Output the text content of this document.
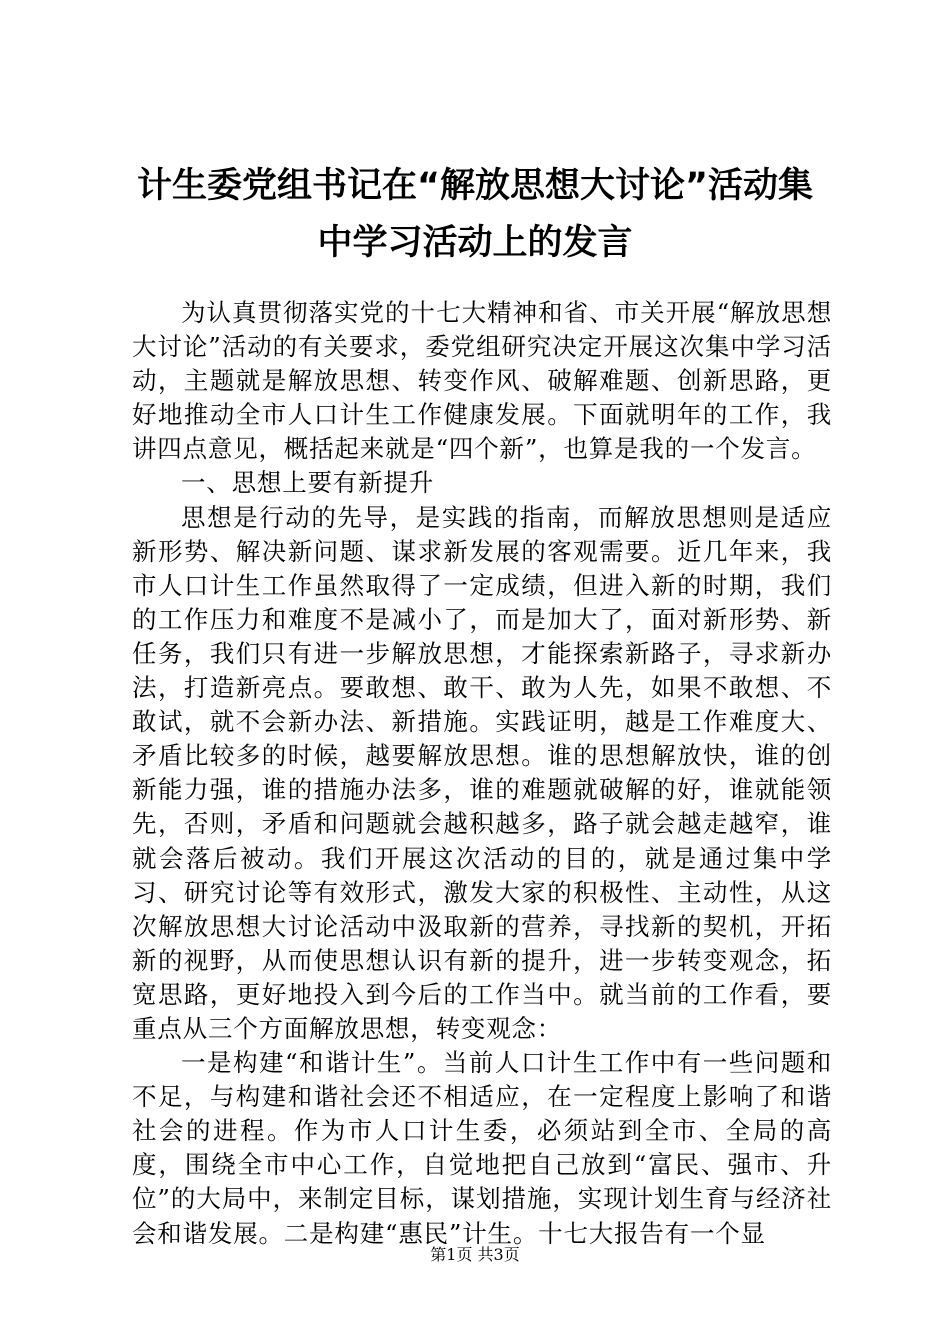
计生委党组书记在“解放思想大讨论”活动集
中学习活动上的发言

为认真贯彻落实党的十七大精神和省、市关开展“解放思想大讨论”活动的有关要求，委党组研究决定开展这次集中学习活动，主题就是解放思想、转变作风、破解难题、创新思路，更好地推动全市人口计生工作健康发展。下面就明年的工作，我讲四点意见，概括起来就是“四个新”，也算是我的一个发言。

一、思想上要有新提升

思想是行动的先导，是实践的指南，而解放思想则是适应新形势、解决新问题、谋求新发展的客观需要。近几年来，我市人口计生工作虽然取得了一定成绩，但进入新的时期，我们的工作压力和难度不是减小了，而是加大了，面对新形势、新任务，我们只有进一步解放思想，才能探索新路子，寻求新办法，打造新亮点。要敢想、敢干、敢为人先，如果不敢想、不敢试，就不会新办法、新措施。实践证明，越是工作难度大、矛盾比较多的时候，越要解放思想。谁的思想解放快，谁的创新能力强，谁的措施办法多，谁的难题就破解的好，谁就能领先，否则，矛盾和问题就会越积越多，路子就会越走越窄，谁就会落后被动。我们开展这次活动的目的，就是通过集中学习、研究讨论等有效形式，激发大家的积极性、主动性，从这次解放思想大讨论活动中汲取新的营养，寻找新的契机，开拓新的视野，从而使思想认识有新的提升，进一步转变观念，拓宽思路，更好地投入到今后的工作当中。就当前的工作看，要重点从三个方面解放思想，转变观念：

一是构建“和谐计生”。当前人口计生工作中有一些问题和不足，与构建和谐社会还不相适应，在一定程度上影响了和谐社会的进程。作为市人口计生委，必须站到全市、全局的高度，围绕全市中心工作，自觉地把自己放到“富民、强市、升位”的大局中，来制定目标，谋划措施，实现计划生育与经济社会和谐发展。二是构建“惠民”计生。十七大报告有一个显

第1页 共3页
